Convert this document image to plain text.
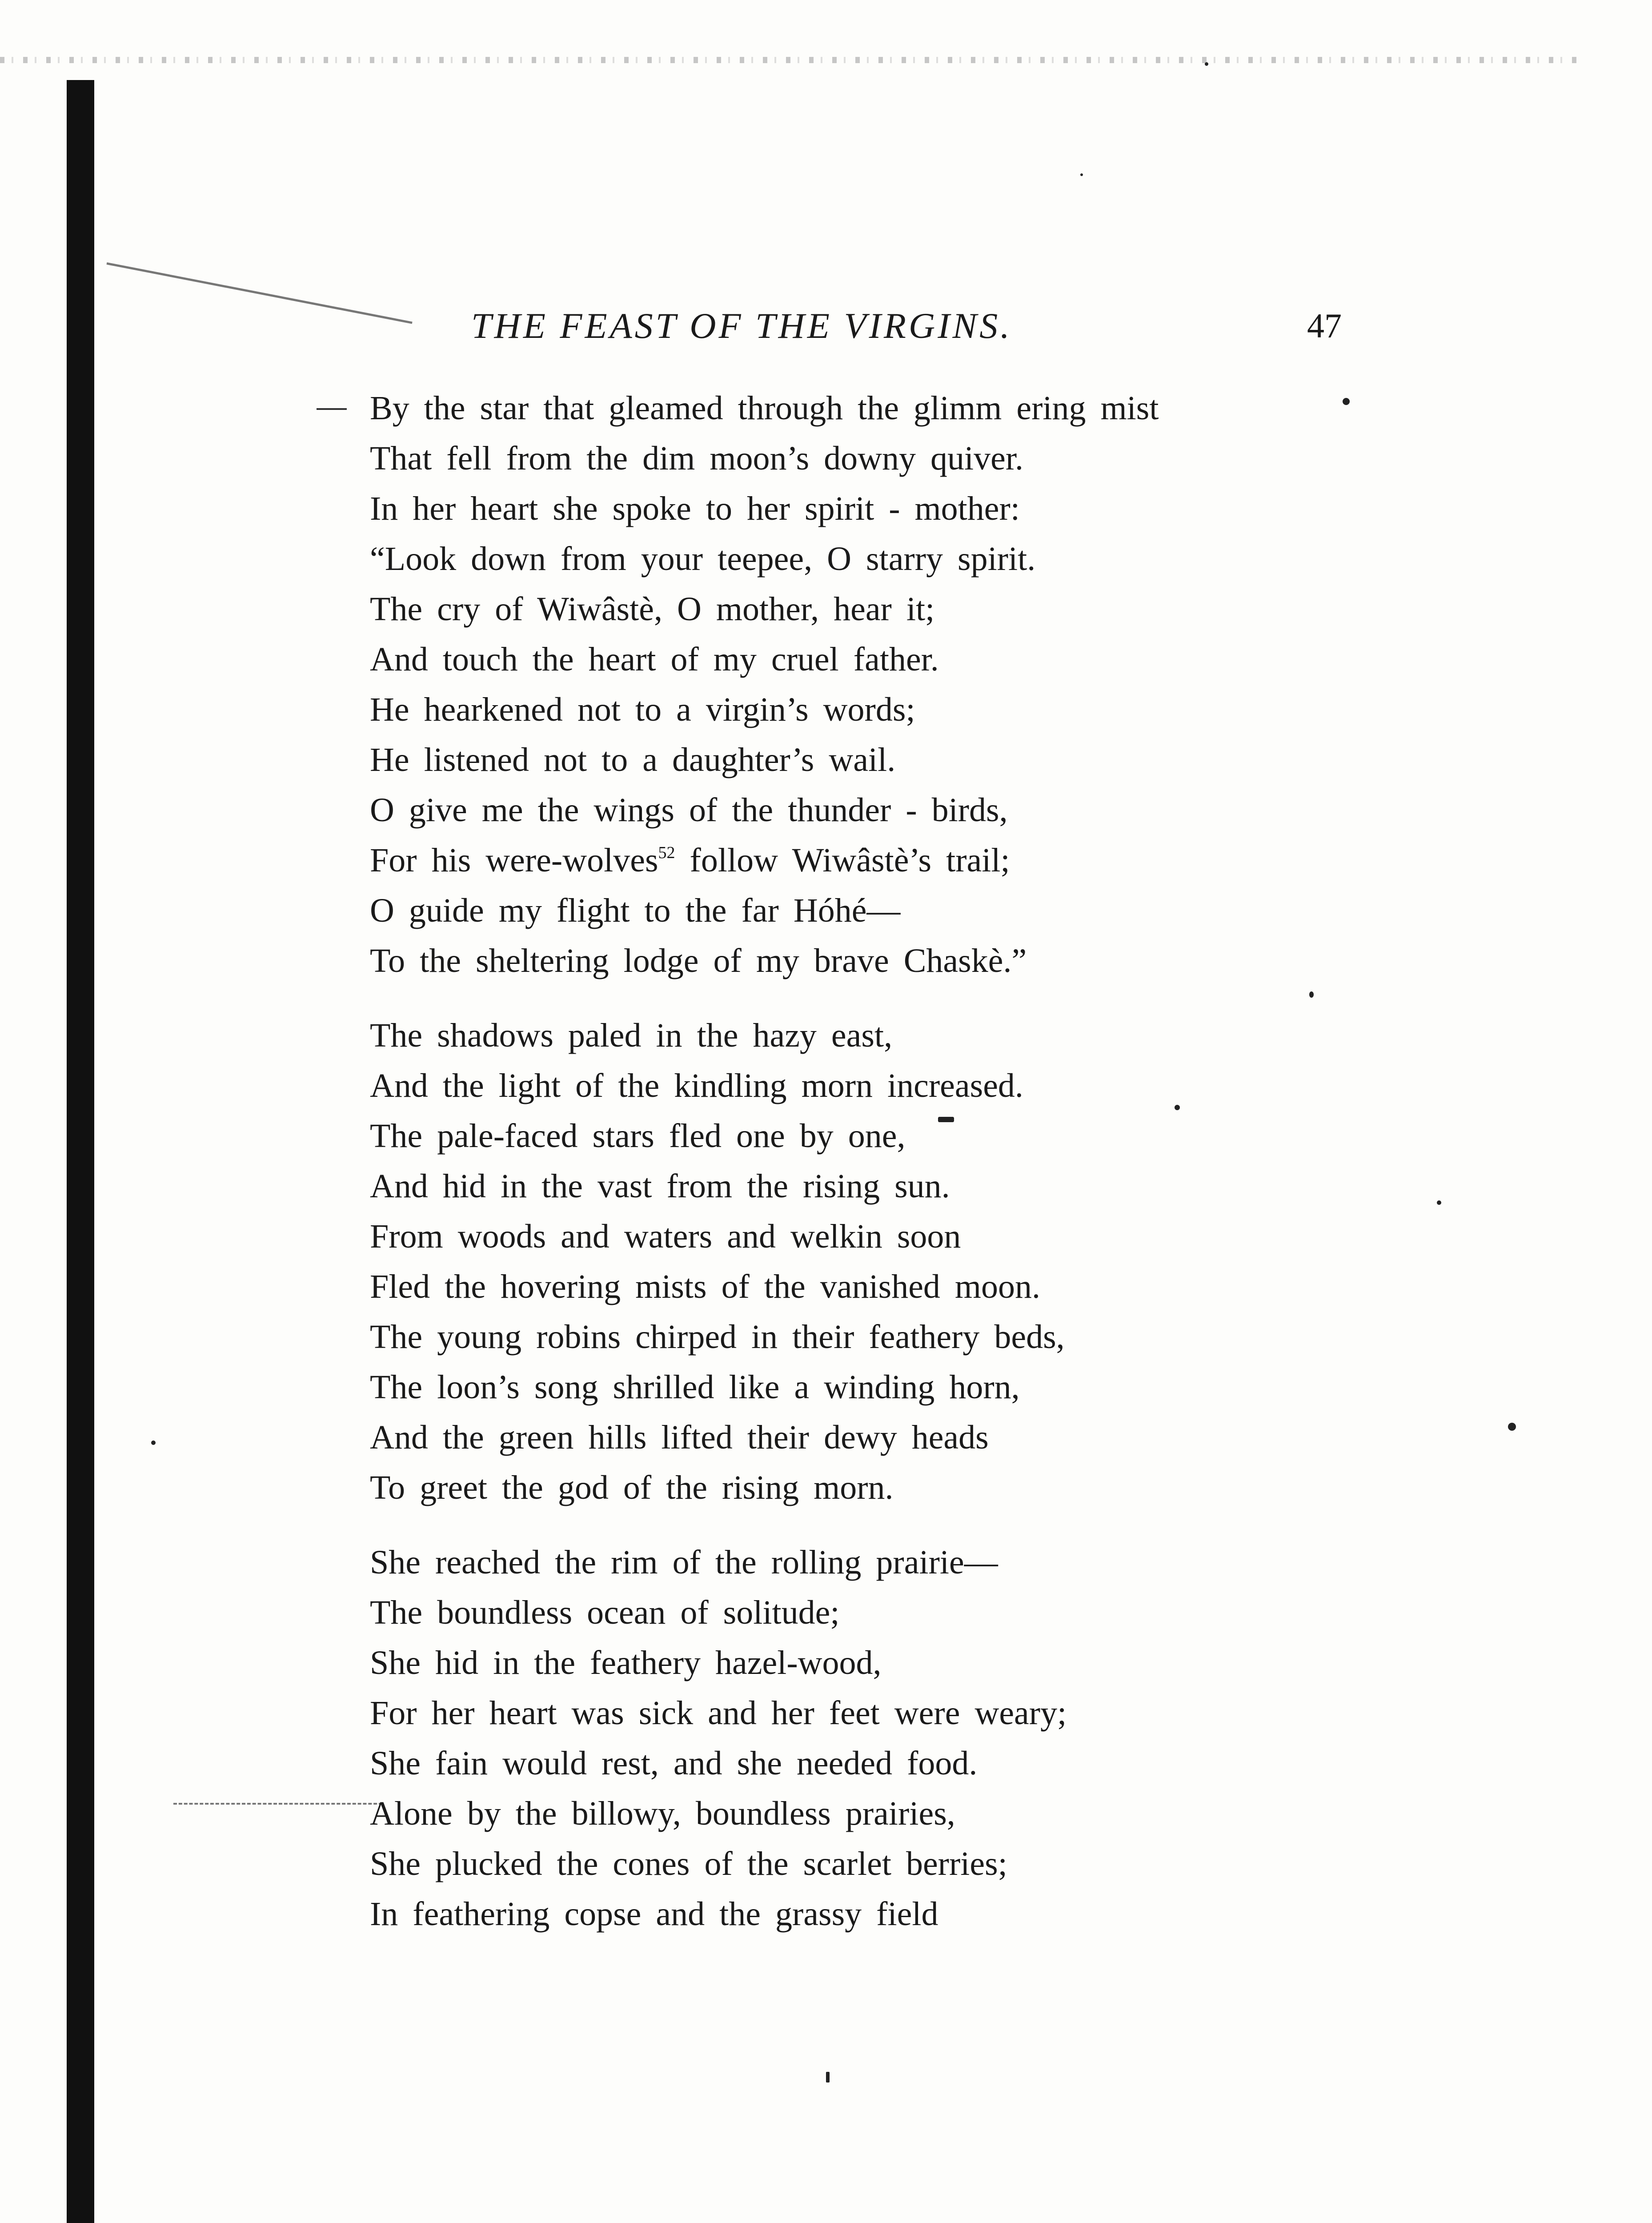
THE FEAST OF THE VIRGINS.	47
By the star that gleamed through the glimm ering mist
That fell from the dim moon’s downy quiver.
In her heart she spoke to her spirit - mother:
“Look down from your teepee, O starry spirit.
The cry of Wiwâstè, O mother, hear it;
And touch the heart of my cruel father.
He hearkened not to a virgin’s words;
He listened not to a daughter’s wail.
O give me the wings of the thunder - birds,
For his were-wolves$^{52}$ follow Wiwâstè’s trail;
O guide my flight to the far Hóhé—
To the sheltering lodge of my brave Chaskè.”
The shadows paled in the hazy east,
And the light of the kindling morn increased.
The pale-faced stars fled one by one,
And hid in the vast from the rising sun.
From woods and waters and welkin soon
Fled the hovering mists of the vanished moon.
The young robins chirped in their feathery beds,
The loon’s song shrilled like a winding horn,
And the green hills lifted their dewy heads
To greet the god of the rising morn.
She reached the rim of the rolling prairie—
The boundless ocean of solitude;
She hid in the feathery hazel-wood,
For her heart was sick and her feet were weary;
She fain would rest, and she needed food.
Alone by the billowy, boundless prairies,
She plucked the cones of the scarlet berries;
In feathering copse and the grassy field
